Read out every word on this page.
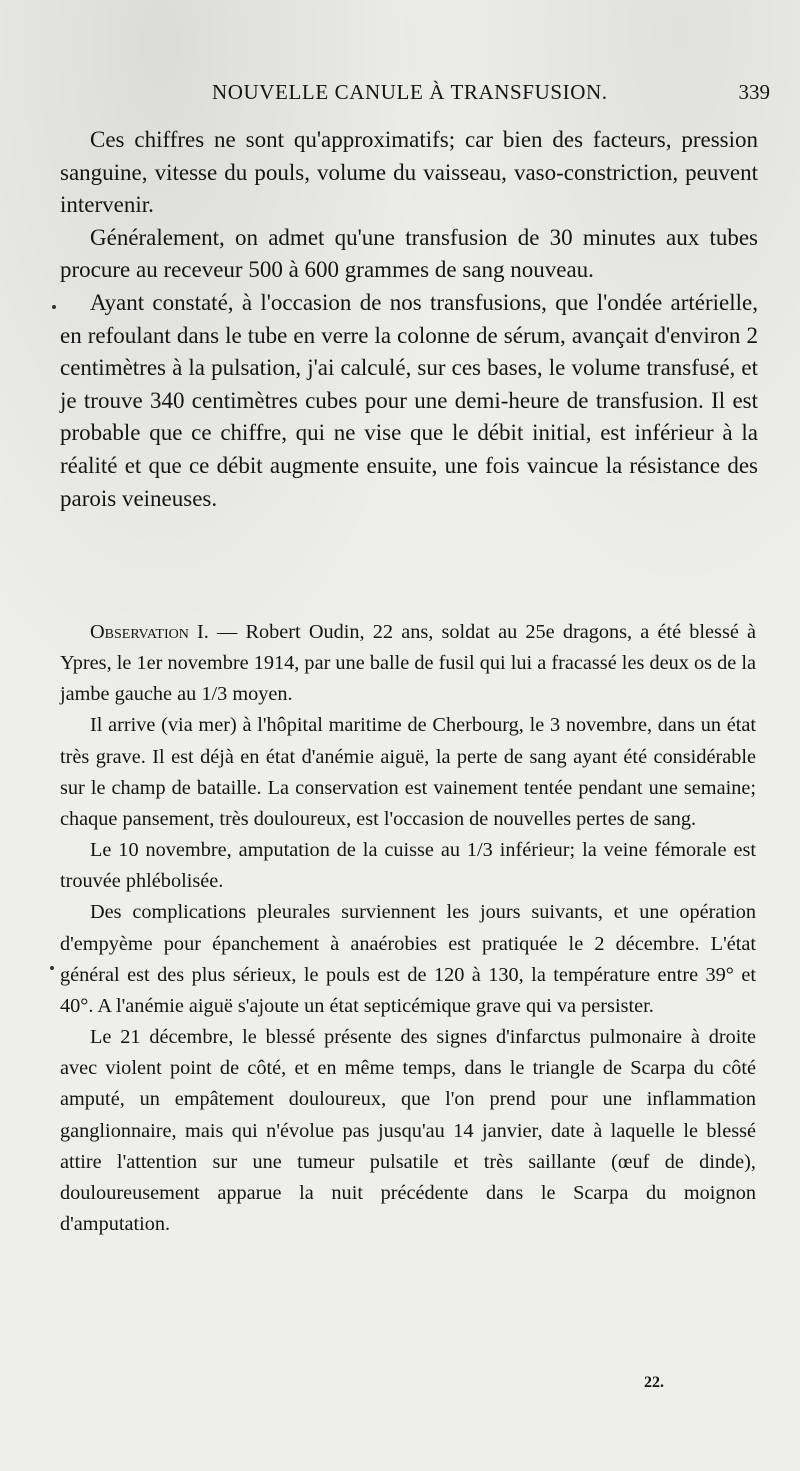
NOUVELLE CANULE À TRANSFUSION.	339

Ces chiffres ne sont qu'approximatifs; car bien des facteurs, pression sanguine, vitesse du pouls, volume du vaisseau, vaso-constriction, peuvent intervenir.

Généralement, on admet qu'une transfusion de 30 minutes aux tubes procure au receveur 500 à 600 grammes de sang nouveau.

Ayant constaté, à l'occasion de nos transfusions, que l'ondée artérielle, en refoulant dans le tube en verre la colonne de sérum, avançait d'environ 2 centimètres à la pulsation, j'ai calculé, sur ces bases, le volume transfusé, et je trouve 340 centimètres cubes pour une demi-heure de transfusion. Il est probable que ce chiffre, qui ne vise que le débit initial, est inférieur à la réalité et que ce débit augmente ensuite, une fois vaincue la résistance des parois veineuses.

Observation I. — Robert Oudin, 22 ans, soldat au 25e dragons, a été blessé à Ypres, le 1er novembre 1914, par une balle de fusil qui lui a fracassé les deux os de la jambe gauche au 1/3 moyen.

Il arrive (via mer) à l'hôpital maritime de Cherbourg, le 3 novembre, dans un état très grave. Il est déjà en état d'anémie aiguë, la perte de sang ayant été considérable sur le champ de bataille. La conservation est vainement tentée pendant une semaine; chaque pansement, très douloureux, est l'occasion de nouvelles pertes de sang.

Le 10 novembre, amputation de la cuisse au 1/3 inférieur; la veine fémorale est trouvée phlébolisée.

Des complications pleurales surviennent les jours suivants, et une opération d'empyème pour épanchement à anaérobies est pratiquée le 2 décembre. L'état général est des plus sérieux, le pouls est de 120 à 130, la température entre 39° et 40°. A l'anémie aiguë s'ajoute un état septicémique grave qui va persister.

Le 21 décembre, le blessé présente des signes d'infarctus pulmonaire à droite avec violent point de côté, et en même temps, dans le triangle de Scarpa du côté amputé, un empâtement douloureux, que l'on prend pour une inflammation ganglionnaire, mais qui n'évolue pas jusqu'au 14 janvier, date à laquelle le blessé attire l'attention sur une tumeur pulsatile et très saillante (œuf de dinde), douloureusement apparue la nuit précédente dans le Scarpa du moignon d'amputation.

22.
